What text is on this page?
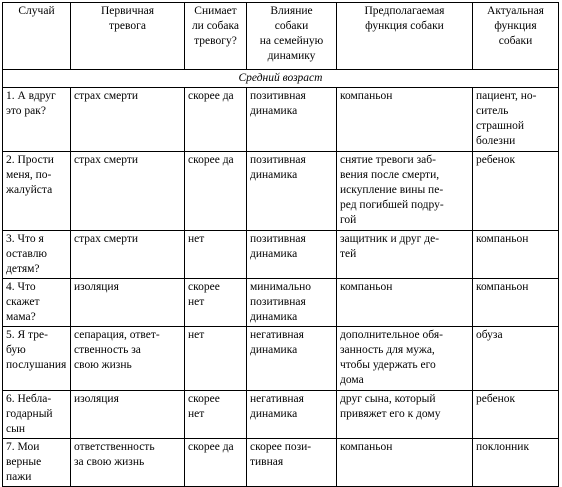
Случай	Первичная
тревога	Снимает
ли собака
тревогу?	Влияние
собаки
на семейную
динамику	Предполагаемая
функция собаки	Актуальная
функция
собаки

Средний возраст					

1. А вдруг
это рак?	страх смерти	скорее да	позитивная
динамика	компаньон	пациент, но-
ситель
страшной
болезни

2. Прости
меня, по-
жалуйста	страх смерти	скорее да	позитивная
динамика	снятие тревоги заб-
вения после смерти,
искупление вины пе-
ред погибшей подру-
гой	ребенок

3. Что я
оставлю
детям?	страх смерти	нет	позитивная
динамика	защитник и друг де-
тей	компаньон

4. Что
скажет
мама?	изоляция	скорее
нет	минимально
позитивная
динамика	компаньон	компаньон

5. Я тре-
бую
послушания	сепарация, ответ-
ственность за
свою жизнь	нет	негативная
динамика	дополнительное обя-
занность для мужа,
чтобы удержать его
дома	обуза

6. Небла-
годарный
сын	изоляция	скорее
нет	негативная
динамика	друг сына, который
привяжет его к дому	ребенок

7. Мои
верные
пажи	ответственность
за свою жизнь	скорее да	скорее пози-
тивная	компаньон	поклонник
